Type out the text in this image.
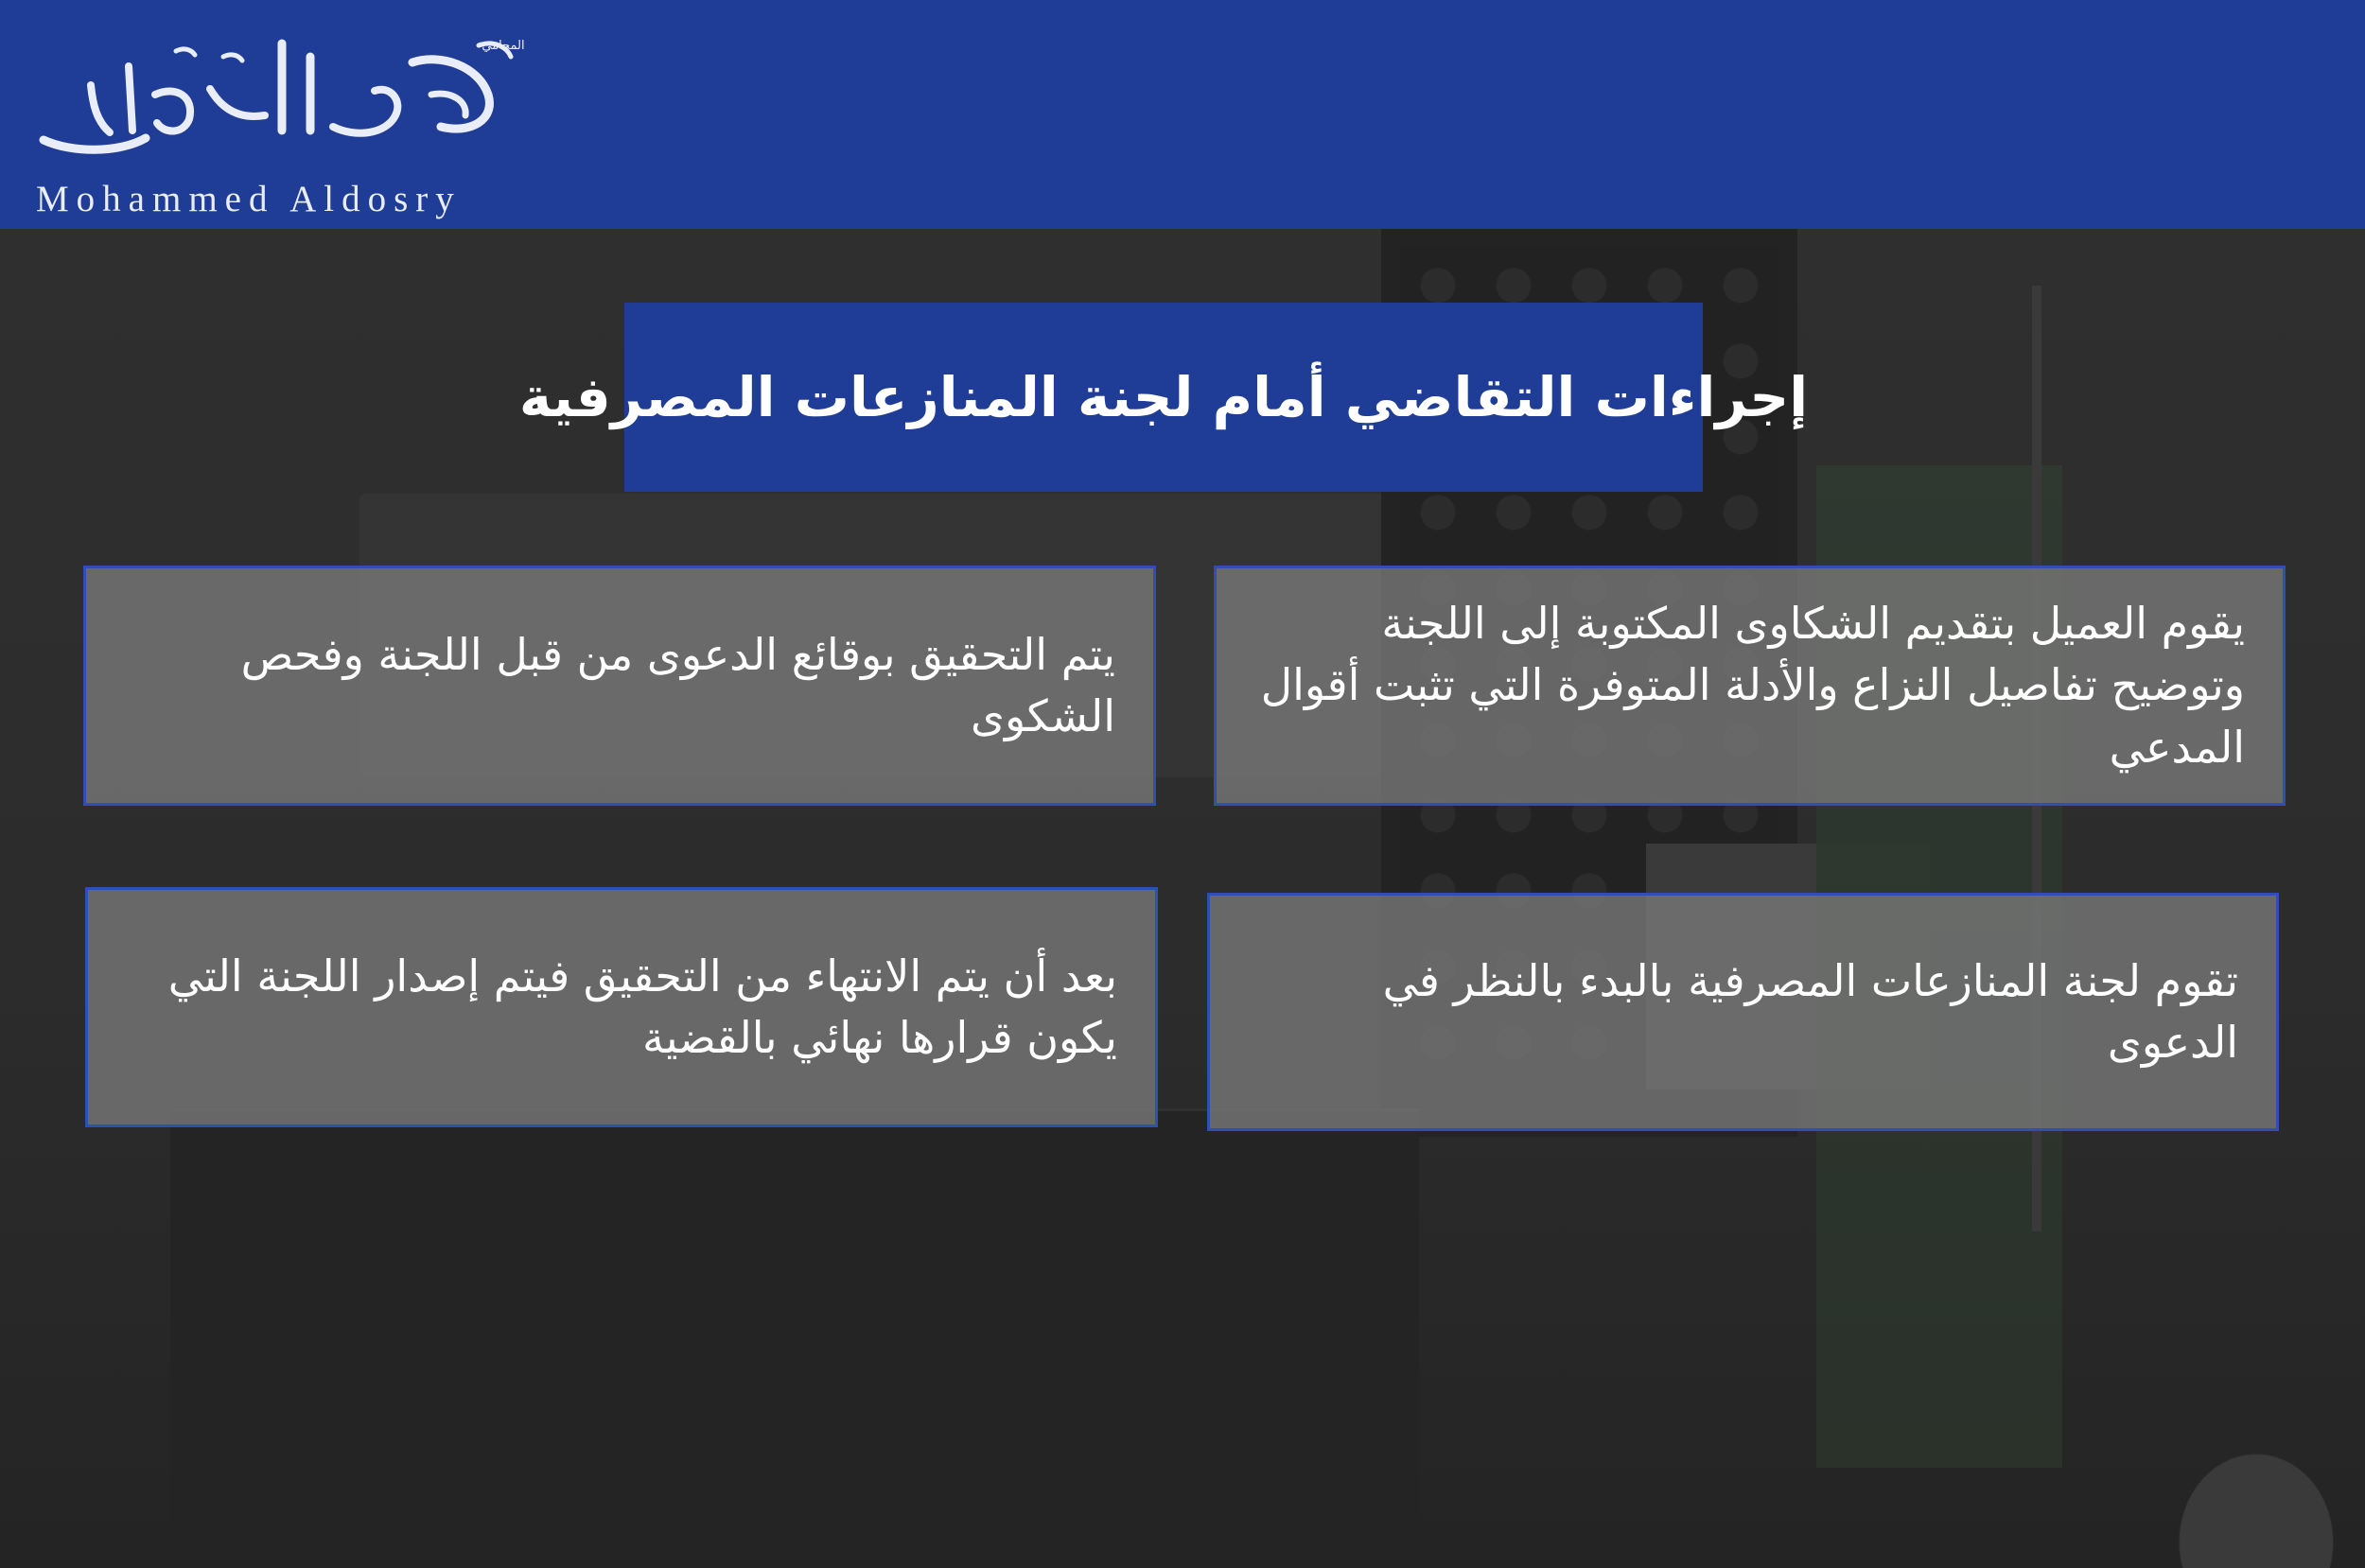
المحامي
Mohammed Aldosry
إجراءات التقاضي أمام لجنة المنازعات المصرفية
يقوم العميل بتقديم الشكاوى المكتوبة إلى اللجنة وتوضيح تفاصيل النزاع والأدلة المتوفرة التي تثبت أقوال المدعي
يتم التحقيق بوقائع الدعوى من قبل اللجنة وفحص الشكوى
تقوم لجنة المنازعات المصرفية بالبدء بالنظر في الدعوى
بعد أن يتم الانتهاء من التحقيق فيتم إصدار اللجنة التي يكون قرارها نهائي بالقضية
